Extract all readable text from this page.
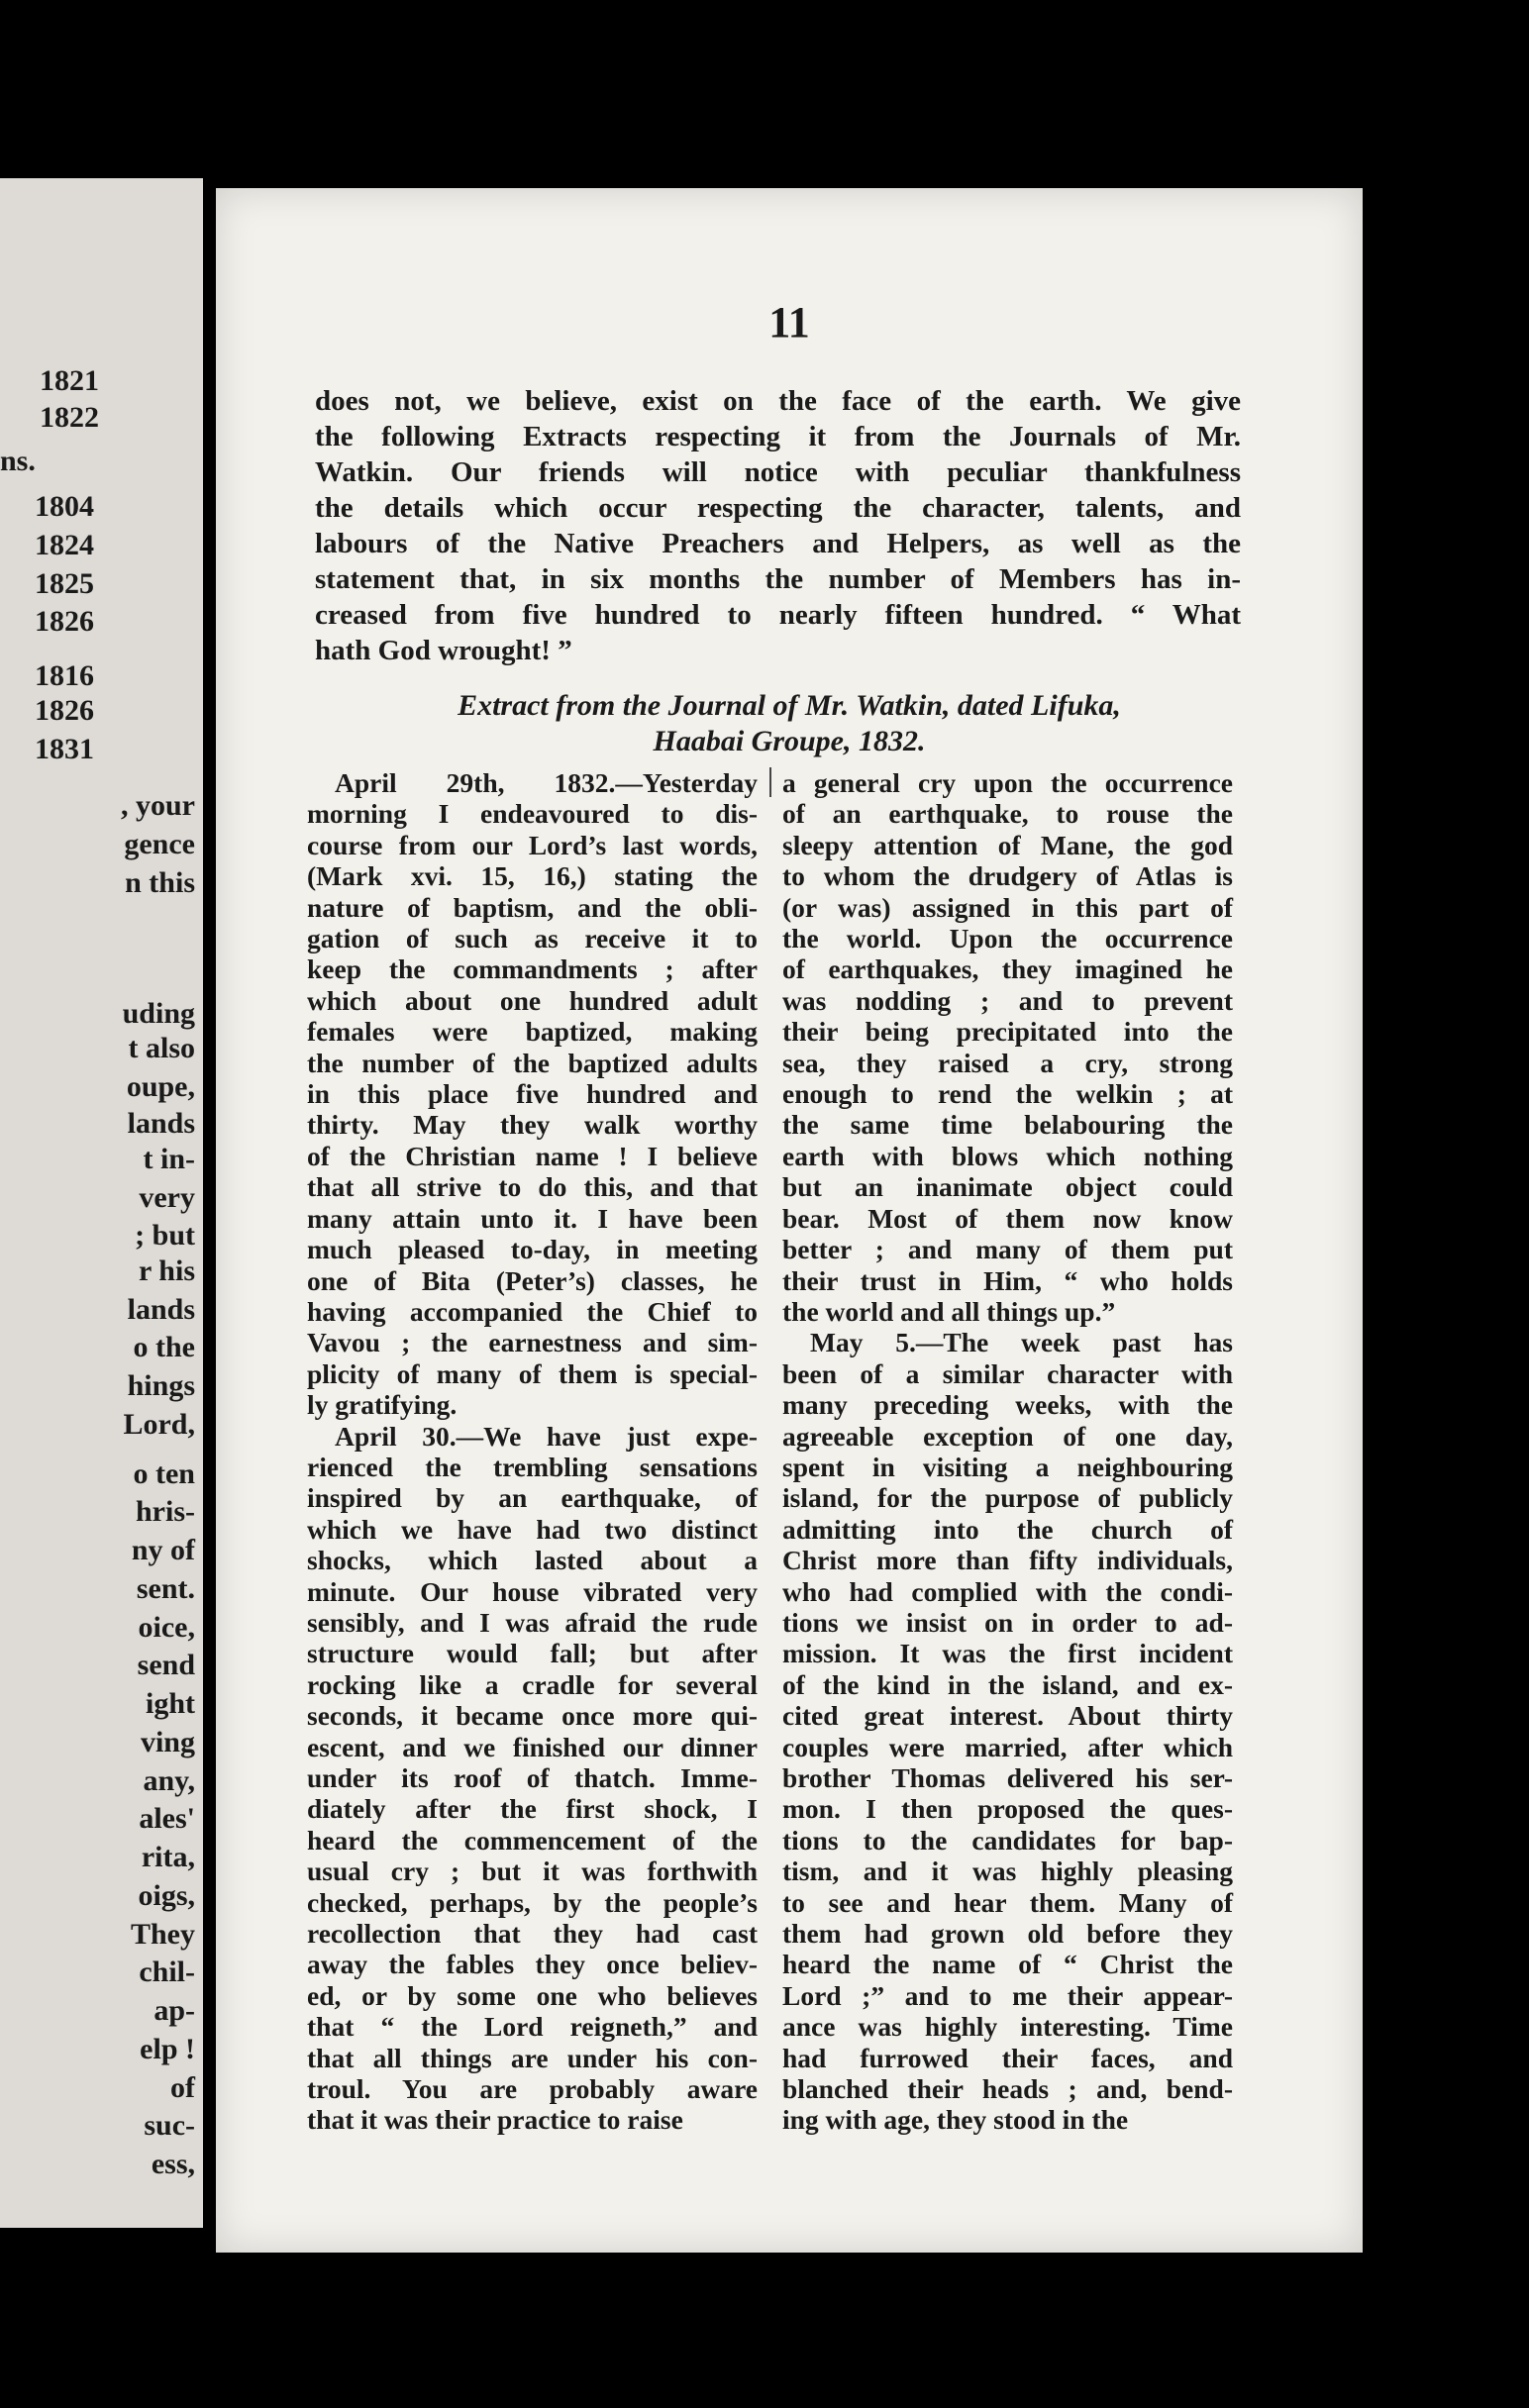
1821
1822
ns.
1804
1824
1825
1826
1816
1826
1831
, your
gence
n this
uding
t also
oupe,
lands
t in-
very
; but
r his
lands
o the
hings
Lord,
o ten
hris-
ny of
sent.
oice,
send
ight
ving
any,
ales'
rita,
oigs,
They
chil-
ap-
elp !
of
suc-
ess,
11
does not, we believe, exist on the face of the earth. We give
the following Extracts respecting it from the Journals of Mr.
Watkin. Our friends will notice with peculiar thankfulness
the details which occur respecting the character, talents, and
labours of the Native Preachers and Helpers, as well as the
statement that, in six months the number of Members has in-
creased from five hundred to nearly fifteen hundred. “ What
hath God wrought! ”
Extract from the Journal of Mr. Watkin, dated Lifuka,
Haabai Groupe, 1832.
April 29th, 1832.—Yesterday
morning I endeavoured to dis-
course from our Lord’s last words,
(Mark xvi. 15, 16,) stating the
nature of baptism, and the obli-
gation of such as receive it to
keep the commandments ; after
which about one hundred adult
females were baptized, making
the number of the baptized adults
in this place five hundred and
thirty. May they walk worthy
of the Christian name ! I believe
that all strive to do this, and that
many attain unto it. I have been
much pleased to-day, in meeting
one of Bita (Peter’s) classes, he
having accompanied the Chief to
Vavou ; the earnestness and sim-
plicity of many of them is special-
ly gratifying.
April 30.—We have just expe-
rienced the trembling sensations
inspired by an earthquake, of
which we have had two distinct
shocks, which lasted about a
minute. Our house vibrated very
sensibly, and I was afraid the rude
structure would fall; but after
rocking like a cradle for several
seconds, it became once more qui-
escent, and we finished our dinner
under its roof of thatch. Imme-
diately after the first shock, I
heard the commencement of the
usual cry ; but it was forthwith
checked, perhaps, by the people’s
recollection that they had cast
away the fables they once believ-
ed, or by some one who believes
that “ the Lord reigneth,” and
that all things are under his con-
troul. You are probably aware
that it was their practice to raise
a general cry upon the occurrence
of an earthquake, to rouse the
sleepy attention of Mane, the god
to whom the drudgery of Atlas is
(or was) assigned in this part of
the world. Upon the occurrence
of earthquakes, they imagined he
was nodding ; and to prevent
their being precipitated into the
sea, they raised a cry, strong
enough to rend the welkin ; at
the same time belabouring the
earth with blows which nothing
but an inanimate object could
bear. Most of them now know
better ; and many of them put
their trust in Him, “ who holds
the world and all things up.”
May 5.—The week past has
been of a similar character with
many preceding weeks, with the
agreeable exception of one day,
spent in visiting a neighbouring
island, for the purpose of publicly
admitting into the church of
Christ more than fifty individuals,
who had complied with the condi-
tions we insist on in order to ad-
mission. It was the first incident
of the kind in the island, and ex-
cited great interest. About thirty
couples were married, after which
brother Thomas delivered his ser-
mon. I then proposed the ques-
tions to the candidates for bap-
tism, and it was highly pleasing
to see and hear them. Many of
them had grown old before they
heard the name of “ Christ the
Lord ;” and to me their appear-
ance was highly interesting. Time
had furrowed their faces, and
blanched their heads ; and, bend-
ing with age, they stood in the
